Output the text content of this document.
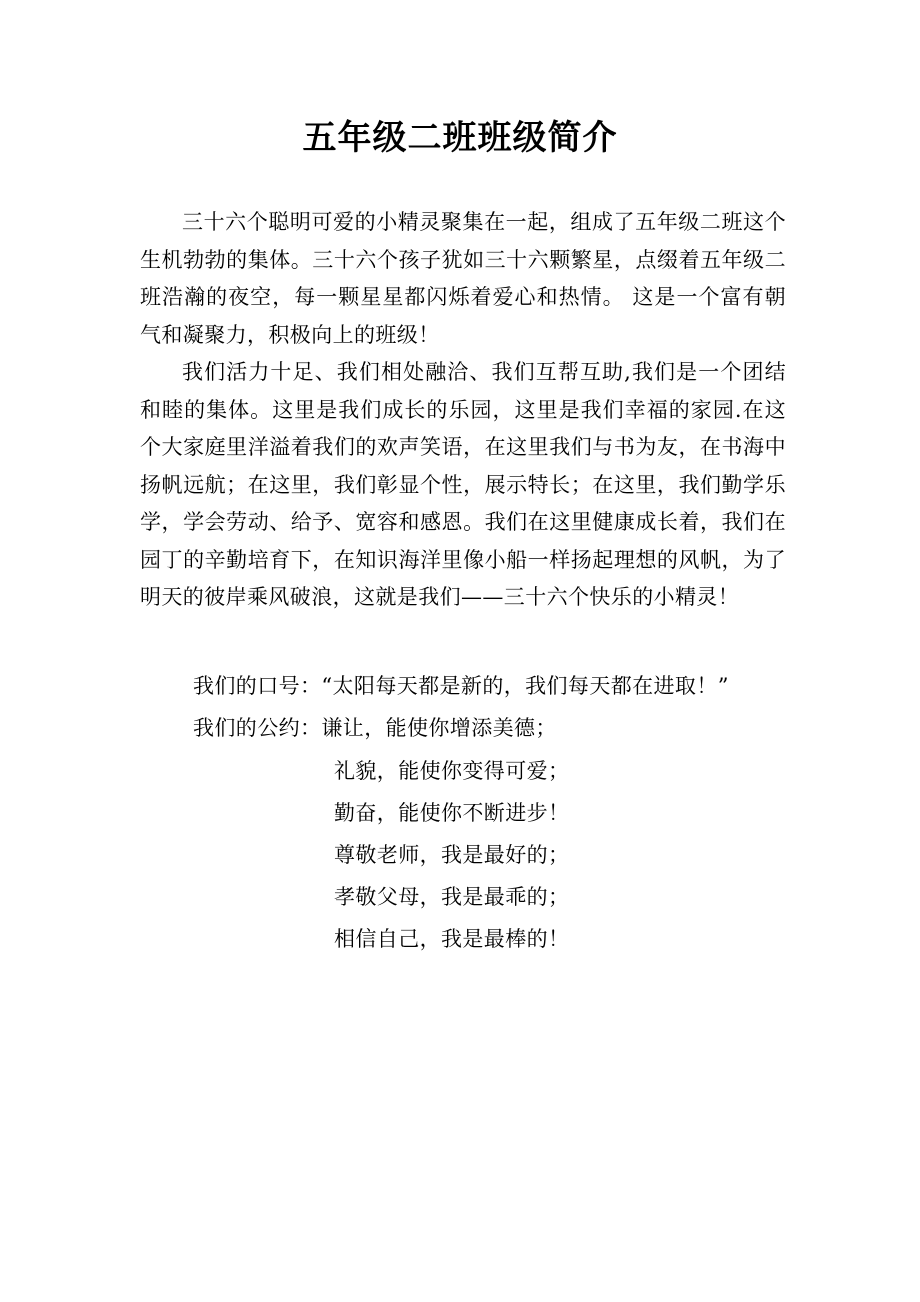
五年级二班班级简介

三十六个聪明可爱的小精灵聚集在一起，组成了五年级二班这个生机勃勃的集体。三十六个孩子犹如三十六颗繁星，点缀着五年级二班浩瀚的夜空，每一颗星星都闪烁着爱心和热情。 这是一个富有朝气和凝聚力，积极向上的班级！

我们活力十足、我们相处融洽、我们互帮互助,我们是一个团结和睦的集体。这里是我们成长的乐园，这里是我们幸福的家园.在这个大家庭里洋溢着我们的欢声笑语，在这里我们与书为友，在书海中扬帆远航；在这里，我们彰显个性，展示特长；在这里，我们勤学乐学，学会劳动、给予、宽容和感恩。我们在这里健康成长着，我们在园丁的辛勤培育下，在知识海洋里像小船一样扬起理想的风帆，为了明天的彼岸乘风破浪，这就是我们——三十六个快乐的小精灵！

我们的口号：“太阳每天都是新的，我们每天都在进取！”
我们的公约：谦让，能使你增添美德；
礼貌，能使你变得可爱；
勤奋，能使你不断进步！
尊敬老师，我是最好的；
孝敬父母，我是最乖的；
相信自己，我是最棒的！
